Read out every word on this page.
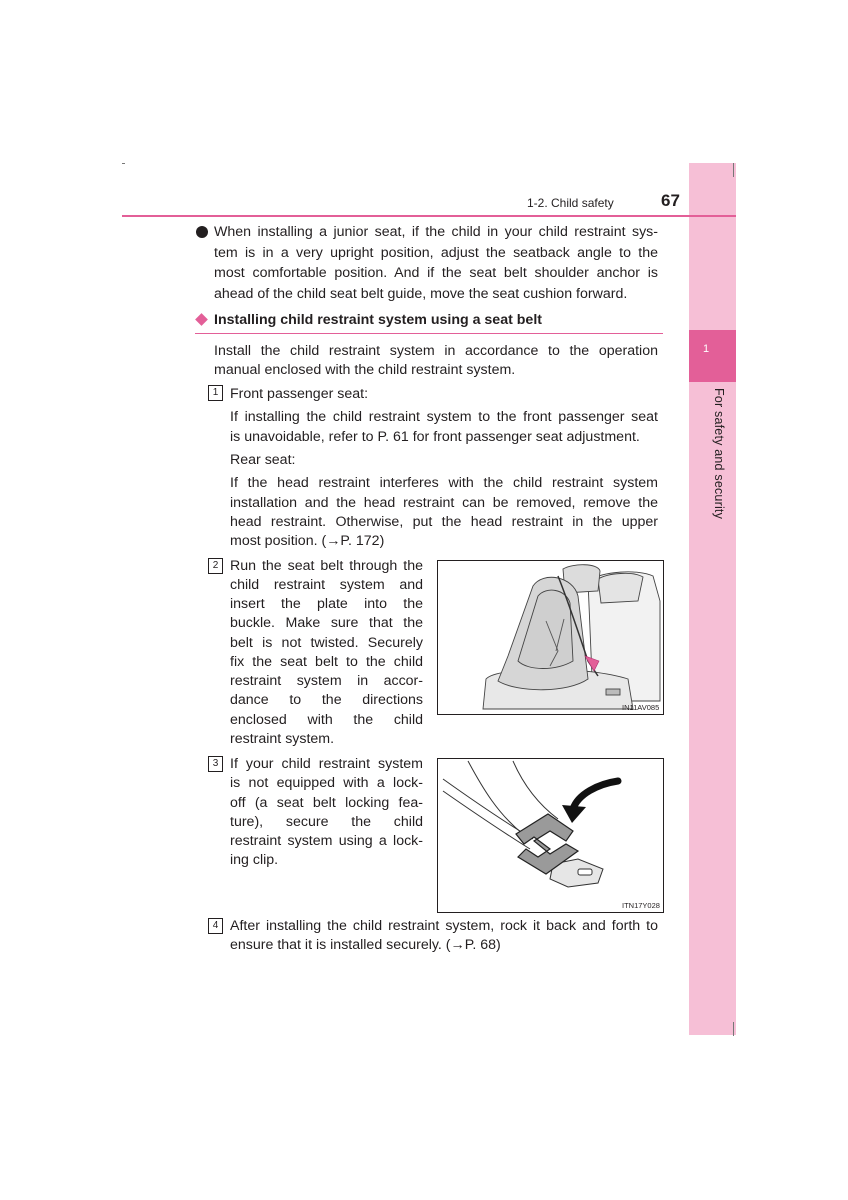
1
For safety and security
1-2. Child safety	67
When installing a junior seat, if the child in your child restraint sys-
tem is in a very upright position, adjust the seatback angle to the
most comfortable position. And if the seat belt shoulder anchor is
ahead of the child seat belt guide, move the seat cushion forward.
Installing child restraint system using a seat belt
Install the child restraint system in accordance to the operation
manual enclosed with the child restraint system.
1 Front passenger seat:
If installing the child restraint system to the front passenger seat
is unavoidable, refer to P. 61 for front passenger seat adjustment.
Rear seat:
If the head restraint interferes with the child restraint system
installation and the head restraint can be removed, remove the
head restraint. Otherwise, put the head restraint in the upper
most position. (→P. 172)
2 Run the seat belt through the
child restraint system and
insert the plate into the
buckle. Make sure that the
belt is not twisted. Securely
fix the seat belt to the child
restraint system in accor-
dance to the directions
enclosed with the child
restraint system.
IN11AV085
3 If your child restraint system
is not equipped with a lock-
off (a seat belt locking fea-
ture), secure the child
restraint system using a lock-
ing clip.
ITN17Y028
4 After installing the child restraint system, rock it back and forth to
ensure that it is installed securely. (→P. 68)
